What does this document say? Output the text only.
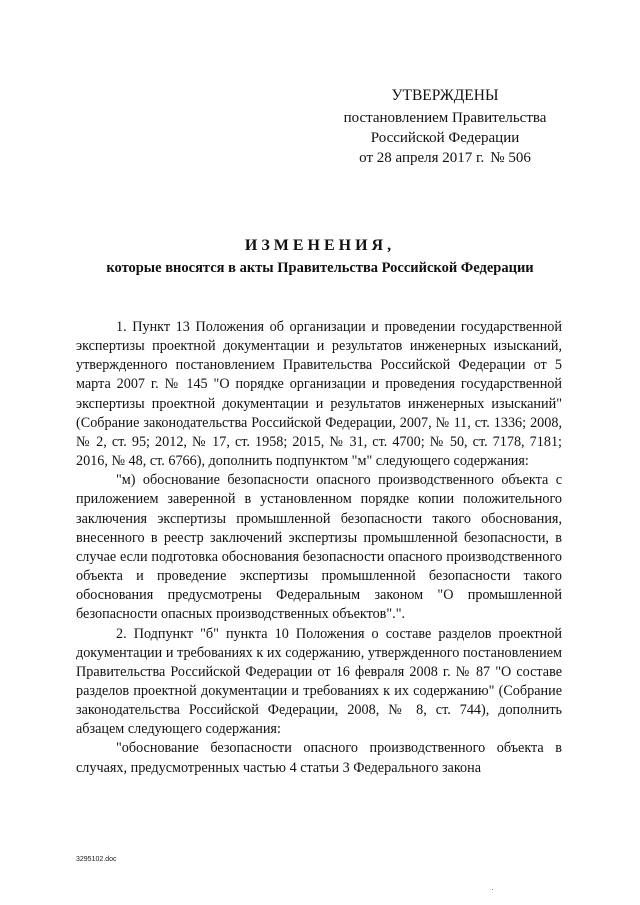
УТВЕРЖДЕНЫ
постановлением Правительства
Российской Федерации
от 28 апреля 2017 г. № 506
ИЗМЕНЕНИЯ,
которые вносятся в акты Правительства Российской Федерации

1. Пункт 13 Положения об организации и проведении государственной экспертизы проектной документации и результатов инженерных изысканий, утвержденного постановлением Правительства Российской Федерации от 5 марта 2007 г. № 145 "О порядке организации и проведения государственной экспертизы проектной документации и результатов инженерных изысканий" (Собрание законодательства Российской Федерации, 2007, № 11, ст. 1336; 2008, № 2, ст. 95; 2012, № 17, ст. 1958; 2015, № 31, ст. 4700; № 50, ст. 7178, 7181; 2016, № 48, ст. 6766), дополнить подпунктом "м" следующего содержания:

"м) обоснование безопасности опасного производственного объекта с приложением заверенной в установленном порядке копии положительного заключения экспертизы промышленной безопасности такого обоснования, внесенного в реестр заключений экспертизы промышленной безопасности, в случае если подготовка обоснования безопасности опасного производственного объекта и проведение экспертизы промышленной безопасности такого обоснования предусмотрены Федеральным законом "О промышленной безопасности опасных производственных объектов".".

2. Подпункт "б" пункта 10 Положения о составе разделов проектной документации и требованиях к их содержанию, утвержденного постановлением Правительства Российской Федерации от 16 февраля 2008 г. № 87 "О составе разделов проектной документации и требованиях к их содержанию" (Собрание законодательства Российской Федерации, 2008, № 8, ст. 744), дополнить абзацем следующего содержания:

"обоснование безопасности опасного производственного объекта в случаях, предусмотренных частью 4 статьи 3 Федерального закона

3295102.doc
